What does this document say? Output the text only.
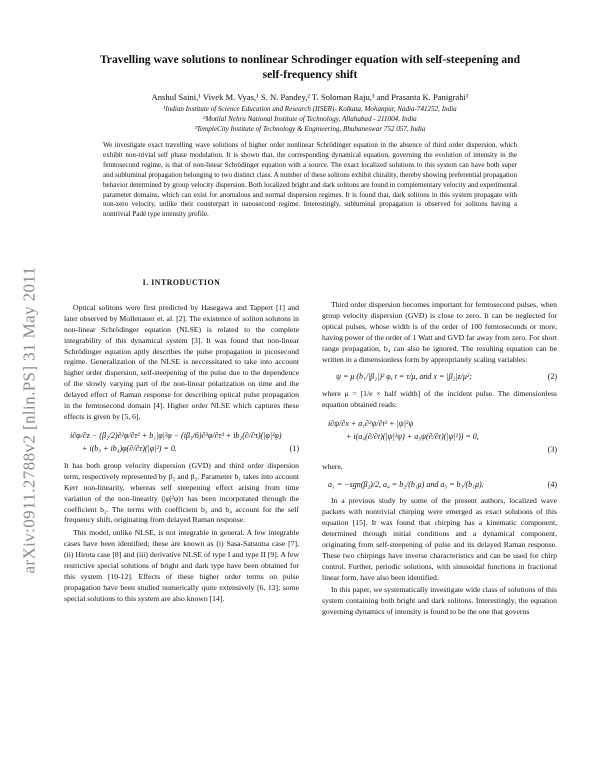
arXiv:0911.2788v2 [nlin.PS] 31 May 2011
Travelling wave solutions to nonlinear Schrodinger equation with self-steepening and
self-frequency shift
Anshul Saini,¹ Vivek M. Vyas,¹ S. N. Pandey,² T. Soloman Raju,³ and Prasanta K. Panigrahi¹
¹Indian Institute of Science Education and Research (IISER)- Kolkata, Mohanpur, Nadia-741252, India
²Motilal Nehru National Institute of Technology, Allahabad - 211004, India
³TempleCity Institute of Technology & Engineering, Bhubaneswar 752 057, India
We investigate exact travelling wave solutions of higher order nonlinear Schrödinger equation in the absence of third order dispersion, which exhibit non-trivial self phase modulation. It is shown that, the corresponding dynamical equation, governing the evolution of intensity in the femtosecond regime, is that of non-linear Schrödinger equation with a source. The exact localized solutions to this system can have both super and subluminal propagation belonging to two distinct class. A number of these solitons exhibit chirality, thereby showing preferential propagation behavior determined by group velocity dispersion. Both localized bright and dark solitons are found in complementary velocity and experimental parameter domains, which can exist for anomalous and normal dispersion regimes. It is found that, dark solitons in this system propagate with non-zero velocity, unlike their counterpart in nanosecond regime. Interestingly, subluminal propagation is observed for solitons having a nontrivial Padé type intensity profile.
I. INTRODUCTION

Optical solitons were first predicted by Hasegawa and Tappert [1] and later observed by Mollenauer et. al. [2]. The existence of soliton solutons in non-linear Schrödinger equation (NLSE) is related to the complete integrability of this dynamical system [3]. It was found that non-linear Schrödinger equation aptly describes the pulse propagation in picosecond regime. Generalization of the NLSE is neccessitated to take into account higher order dispersion, self-steepening of the pulse due to the dependence of the slowly varying part of the non-linear polarization on time and the delayed effect of Raman response for describing optical pulse propagation in the femtosecond domain [4]. Higher order NLSE which captures these effects is given by [5, 6],

i∂φ/∂z − (β₂/2)∂²φ/∂τ² + b₁|φ|²φ − (iβ₃/6)∂³φ/∂τ³ + ib₂(∂/∂τ)(|φ|²φ)
+ i(b₃ + ib₄)φ(∂/∂τ)(|φ|²) = 0.	(1)

It has both group velocity dispersion (GVD) and third order dispersion term, respectively represented by β₂ and β₃. Parameter b₁ takes into account Kerr non-linearity, whereas self steepening effect arising from time variation of the non-linearity (|φ|²φ)τ has been incorporated through the coefficient b₂. The terms with coefficient b₃ and b₄ account for the self frequency shift, originating from delayed Raman response.

This model, unlike NLSE, is not integrable in general. A few integrable cases have been identified; these are known as (i) Sasa-Satsuma case [7], (ii) Hirota case [8] and (iii) derivative NLSE of type I and type II [9]. A few restrictive special solutions of bright and dark type have been obtained for this system [10-12]. Effects of these higher order terms on pulse propagation have been studied numerically quite extensively [6, 13]; some special solutions to this system are also known [14].

Third order dispersion becomes important for femtosecond pulses, when group velocity dispersion (GVD) is close to zero. It can be neglected for optical pulses, whose width is of the order of 100 femtoseconds or more, having power of the order of 1 Watt and GVD far away from zero. For short range propagation, b₄ can also be ignored. The resulting equation can be written in a dimensionless form by appropriately scaling variables:

ψ = μ (b₁/|β₂|)² φ, t = τ/μ, and x = |β₂|z/μ²;	(2)

where μ = [1/e × half width] of the incident pulse. The dimensionless equation obtained reads:

i∂ψ/∂x + a₁∂²ψ/∂t² + |ψ|²ψ
+ i(a₄(∂/∂t)(|ψ|²ψ) + a₅ψ(∂/∂t)(|ψ|²)) = 0,
(3)

where,

a₁ = −sgn(β₂)/2, a₄ = b₂/(b₁μ) and a₅ = b₃/(b₁μ).	(4)

In a previous study by some of the present authors, localized wave packets with nontrivial chirping were emerged as exact solutions of this equation [15]. It was found that chirping has a kinematic component, determined through initial conditions and a dynamical component, originating from self-steepening of pulse and its delayed Raman response. These two chirpings have inverse characteristics and can be used for chirp control. Further, periodic solutions, with sinusoidal functions in fractional linear form, have also been identified.

In this paper, we systematically investigate wide class of solutions of this system containing both bright and dark solitons. Interestingly, the equation governing dynamics of intensity is found to be the one that governs
